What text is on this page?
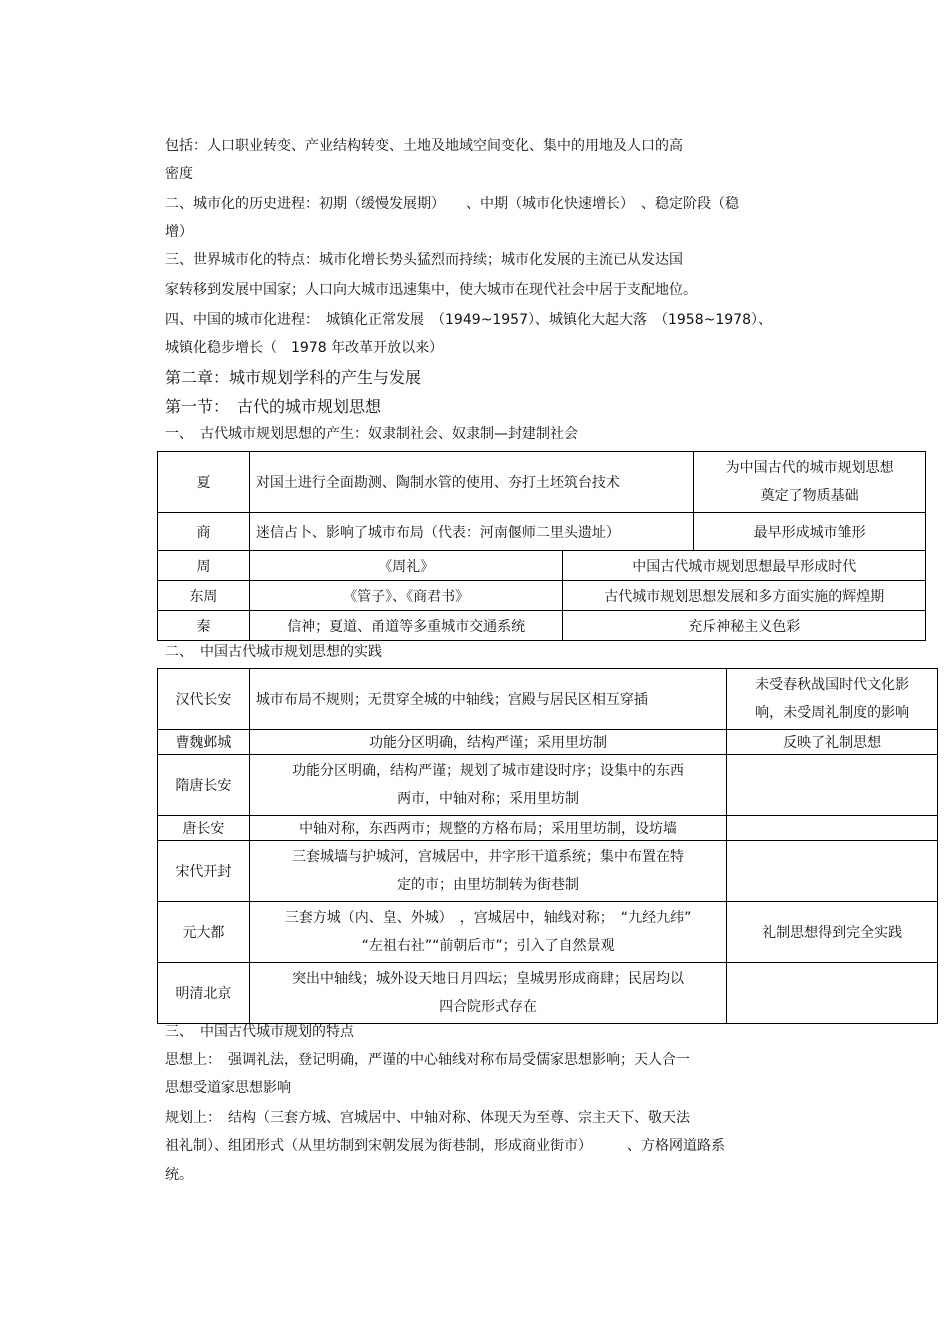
包括：人口职业转变、产业结构转变、土地及地域空间变化、集中的用地及人口的高
密度
二、城市化的历史进程：初期（缓慢发展期）　　、中期（城市化快速增长）　、稳定阶段（稳
增）
三、世界城市化的特点：城市化增长势头猛烈而持续；城市化发展的主流已从发达国
家转移到发展中国家；人口向大城市迅速集中，使大城市在现代社会中居于支配地位。
四、中国的城市化进程：　城镇化正常发展　（1949~1957）、城镇化大起大落　（1958~1978）、
城镇化稳步增长（　1978 年改革开放以来）
第二章：城市规划学科的产生与发展
第一节：　古代的城市规划思想
一、　古代城市规划思想的产生：奴隶制社会、奴隶制—封建制社会
夏	对国土进行全面勘测、陶制水管的使用、夯打土坯筑台技术		为中国古代的城市规划思想
奠定了物质基础
商	迷信占卜、影响了城市布局（代表：河南偃师二里头遗址）		最早形成城市雏形
周	《周礼》	中国古代城市规划思想最早形成时代	
东周	《管子》、《商君书》	古代城市规划思想发展和多方面实施的辉煌期	
秦	信神；夏道、甬道等多重城市交通系统	充斥神秘主义色彩	
二、　中国古代城市规划思想的实践
汉代长安	城市布局不规则；无贯穿全城的中轴线；宫殿与居民区相互穿插	未受春秋战国时代文化影
响，未受周礼制度的影响
曹魏邺城	功能分区明确，结构严谨；采用里坊制	反映了礼制思想
隋唐长安	功能分区明确，结构严谨；规划了城市建设时序；设集中的东西
两市，中轴对称；采用里坊制	
唐长安	中轴对称，东西两市；规整的方格布局；采用里坊制，设坊墙	
宋代开封	三套城墙与护城河，宫城居中，井字形干道系统；集中布置在特
定的市；由里坊制转为街巷制	
元大都	三套方城（内、皇、外城）　，宫城居中，轴线对称；　“九经九纬”
“左祖右社”“前朝后市”；引入了自然景观	礼制思想得到完全实践
明清北京	突出中轴线；城外设天地日月四坛；皇城男形成商肆；民居均以
四合院形式存在	
三、　中国古代城市规划的特点
思想上：　强调礼法，登记明确，严谨的中心轴线对称布局受儒家思想影响；天人合一
思想受道家思想影响
规划上：　结构（三套方城、宫城居中、中轴对称、体现天为至尊、宗主天下、敬天法
祖礼制）、组团形式（从里坊制到宋朝发展为街巷制，形成商业街市）　　　、方格网道路系
统。
